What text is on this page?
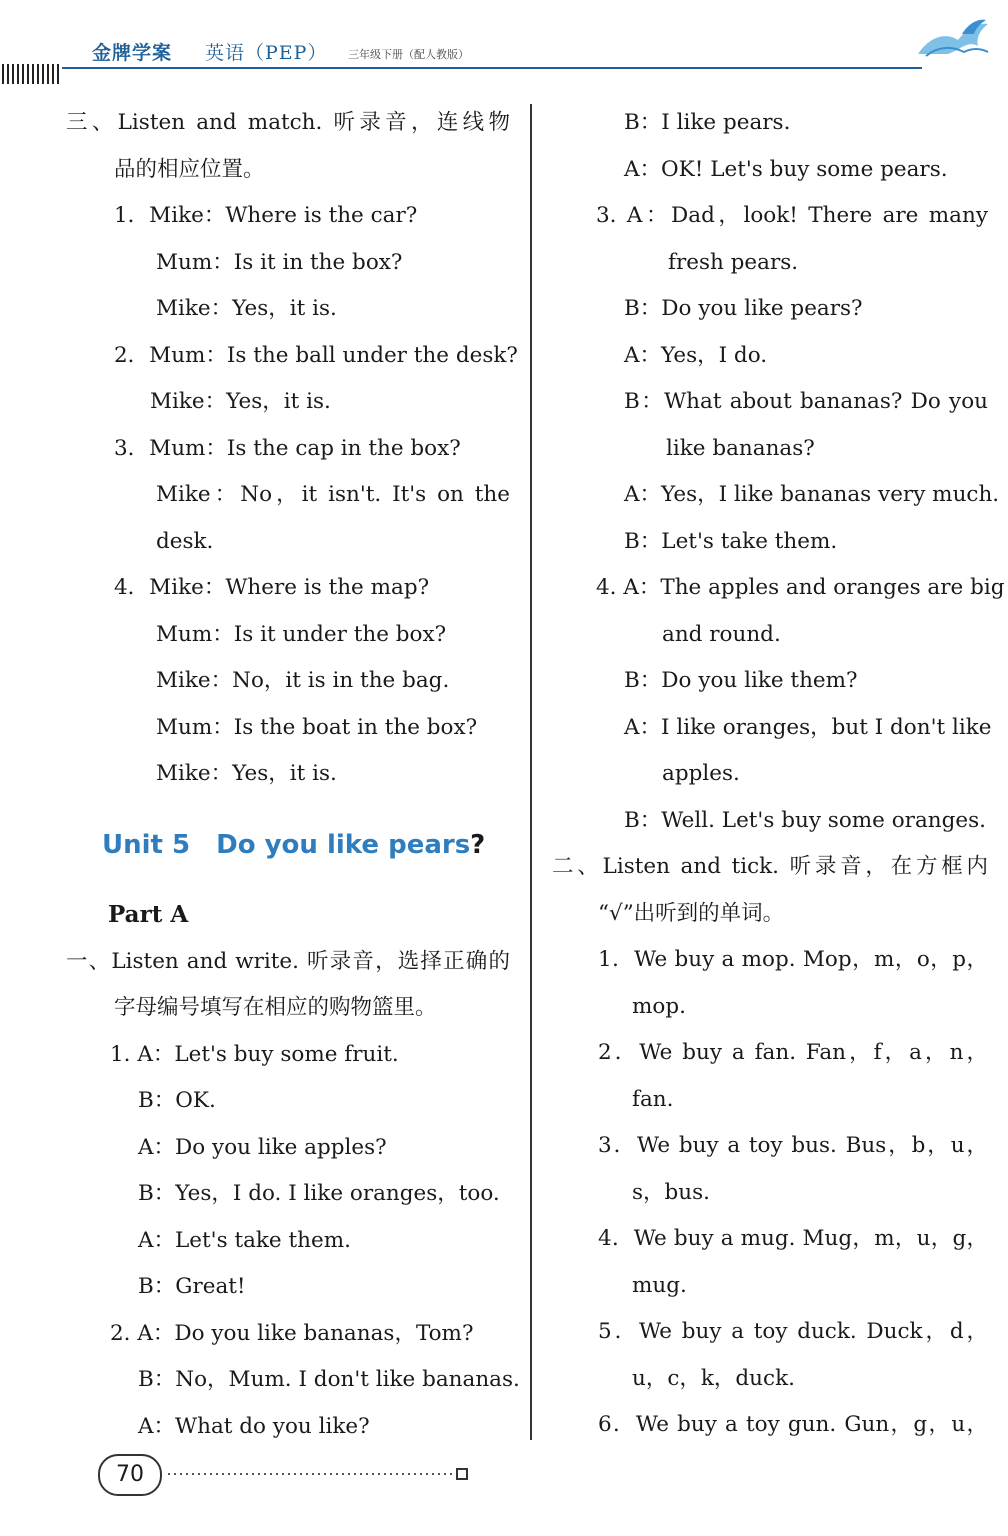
金牌学案 英语（PEP） 三年级下册（配人教版）
三、Listen and match. 听录音，连线物
品的相应位置。
1．Mike：Where is the car?
Mum：Is it in the box?
Mike：Yes，it is.
2．Mum：Is the ball under the desk?
Mike：Yes，it is.
3．Mum：Is the cap in the box?
Mike：No，it isn't. It's on the
desk.
4．Mike：Where is the map?
Mum：Is it under the box?
Mike：No，it is in the bag.
Mum：Is the boat in the box?
Mike：Yes，it is.
Unit 5　Do you like pears?
Part A
一、Listen and write. 听录音，选择正确的
字母编号填写在相应的购物篮里。
1. A：Let's buy some fruit.
B：OK.
A：Do you like apples?
B：Yes，I do. I like oranges，too.
A：Let's take them.
B：Great!
2. A：Do you like bananas，Tom?
B：No，Mum. I don't like bananas.
A：What do you like?
B：I like pears.
A：OK! Let's buy some pears.
3. A：Dad，look! There are many
fresh pears.
B：Do you like pears?
A：Yes，I do.
B：What about bananas? Do you
like bananas?
A：Yes，I like bananas very much.
B：Let's take them.
4. A：The apples and oranges are big
and round.
B：Do you like them?
A：I like oranges，but I don't like
apples.
B：Well. Let's buy some oranges.
二、Listen and tick. 听录音，在方框内
“√”出听到的单词。
1．We buy a mop. Mop，m，o，p，
mop.
2．We buy a fan. Fan，f，a，n，
fan.
3．We buy a toy bus. Bus，b，u，
s，bus.
4．We buy a mug. Mug，m，u，g，
mug.
5．We buy a toy duck. Duck，d，
u，c，k，duck.
6．We buy a toy gun. Gun，g，u，
70
